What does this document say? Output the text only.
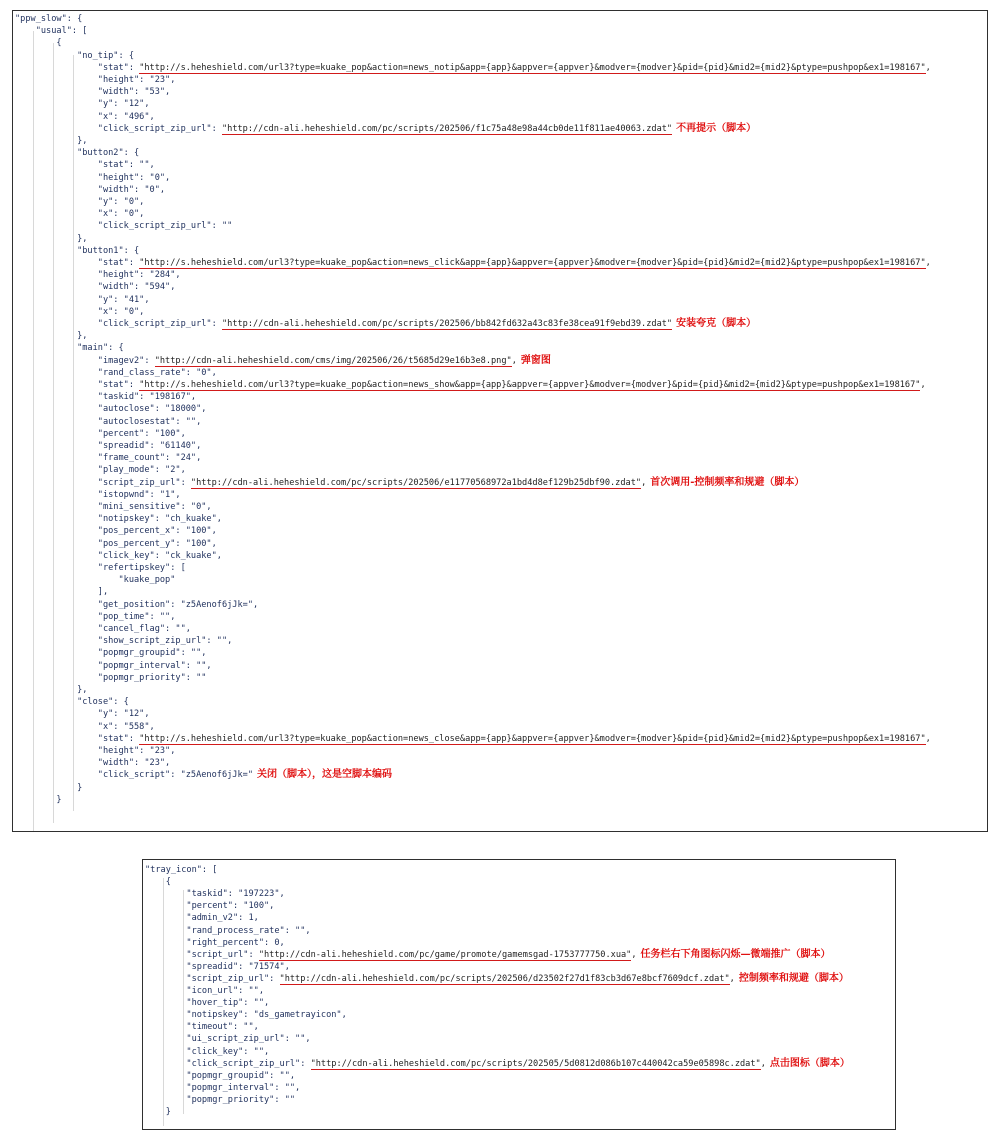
"ppw_slow": {
"usual": [
{
"no_tip": {
"stat": "http://s.heheshield.com/url3?type=kuake_pop&action=news_notip&app={app}&appver={appver}&modver={modver}&pid={pid}&mid2={mid2}&ptype=pushpop&ex1=198167",
"height": "23",
"width": "53",
"y": "12",
"x": "496",
"click_script_zip_url": "http://cdn-ali.heheshield.com/pc/scripts/202506/f1c75a48e98a44cb0de11f811ae40063.zdat" 不再提示（脚本）
},
"button2": {
"stat": "",
"height": "0",
"width": "0",
"y": "0",
"x": "0",
"click_script_zip_url": ""
},
"button1": {
"stat": "http://s.heheshield.com/url3?type=kuake_pop&action=news_click&app={app}&appver={appver}&modver={modver}&pid={pid}&mid2={mid2}&ptype=pushpop&ex1=198167",
"height": "284",
"width": "594",
"y": "41",
"x": "0",
"click_script_zip_url": "http://cdn-ali.heheshield.com/pc/scripts/202506/bb842fd632a43c83fe38cea91f9ebd39.zdat" 安装夸克（脚本）
},
"main": {
"imagev2": "http://cdn-ali.heheshield.com/cms/img/202506/26/t5685d29e16b3e8.png", 弹窗图
"rand_class_rate": "0",
"stat": "http://s.heheshield.com/url3?type=kuake_pop&action=news_show&app={app}&appver={appver}&modver={modver}&pid={pid}&mid2={mid2}&ptype=pushpop&ex1=198167",
"taskid": "198167",
"autoclose": "18000",
"autoclosestat": "",
"percent": "100",
"spreadid": "61140",
"frame_count": "24",
"play_mode": "2",
"script_zip_url": "http://cdn-ali.heheshield.com/pc/scripts/202506/e11770568972a1bd4d8ef129b25dbf90.zdat", 首次调用-控制频率和规避（脚本）
"istopwnd": "1",
"mini_sensitive": "0",
"notipskey": "ch_kuake",
"pos_percent_x": "100",
"pos_percent_y": "100",
"click_key": "ck_kuake",
"refertipskey": [
"kuake_pop"
],
"get_position": "z5Aenof6jJk=",
"pop_time": "",
"cancel_flag": "",
"show_script_zip_url": "",
"popmgr_groupid": "",
"popmgr_interval": "",
"popmgr_priority": ""
},
"close": {
"y": "12",
"x": "558",
"stat": "http://s.heheshield.com/url3?type=kuake_pop&action=news_close&app={app}&appver={appver}&modver={modver}&pid={pid}&mid2={mid2}&ptype=pushpop&ex1=198167",
"height": "23",
"width": "23",
"click_script": "z5Aenof6jJk=" 关闭（脚本），这是空脚本编码
}
}
"tray_icon": [
{
"taskid": "197223",
"percent": "100",
"admin_v2": 1,
"rand_process_rate": "",
"right_percent": 0,
"script_url": "http://cdn-ali.heheshield.com/pc/game/promote/gamemsgad-1753777750.xua", 任务栏右下角图标闪烁—微端推广（脚本）
"spreadid": "71574",
"script_zip_url": "http://cdn-ali.heheshield.com/pc/scripts/202506/d23502f27d1f83cb3d67e8bcf7609dcf.zdat", 控制频率和规避（脚本）
"icon_url": "",
"hover_tip": "",
"notipskey": "ds_gametrayicon",
"timeout": "",
"ui_script_zip_url": "",
"click_key": "",
"click_script_zip_url": "http://cdn-ali.heheshield.com/pc/scripts/202505/5d0812d086b107c440042ca59e05898c.zdat", 点击图标（脚本）
"popmgr_groupid": "",
"popmgr_interval": "",
"popmgr_priority": ""
}
